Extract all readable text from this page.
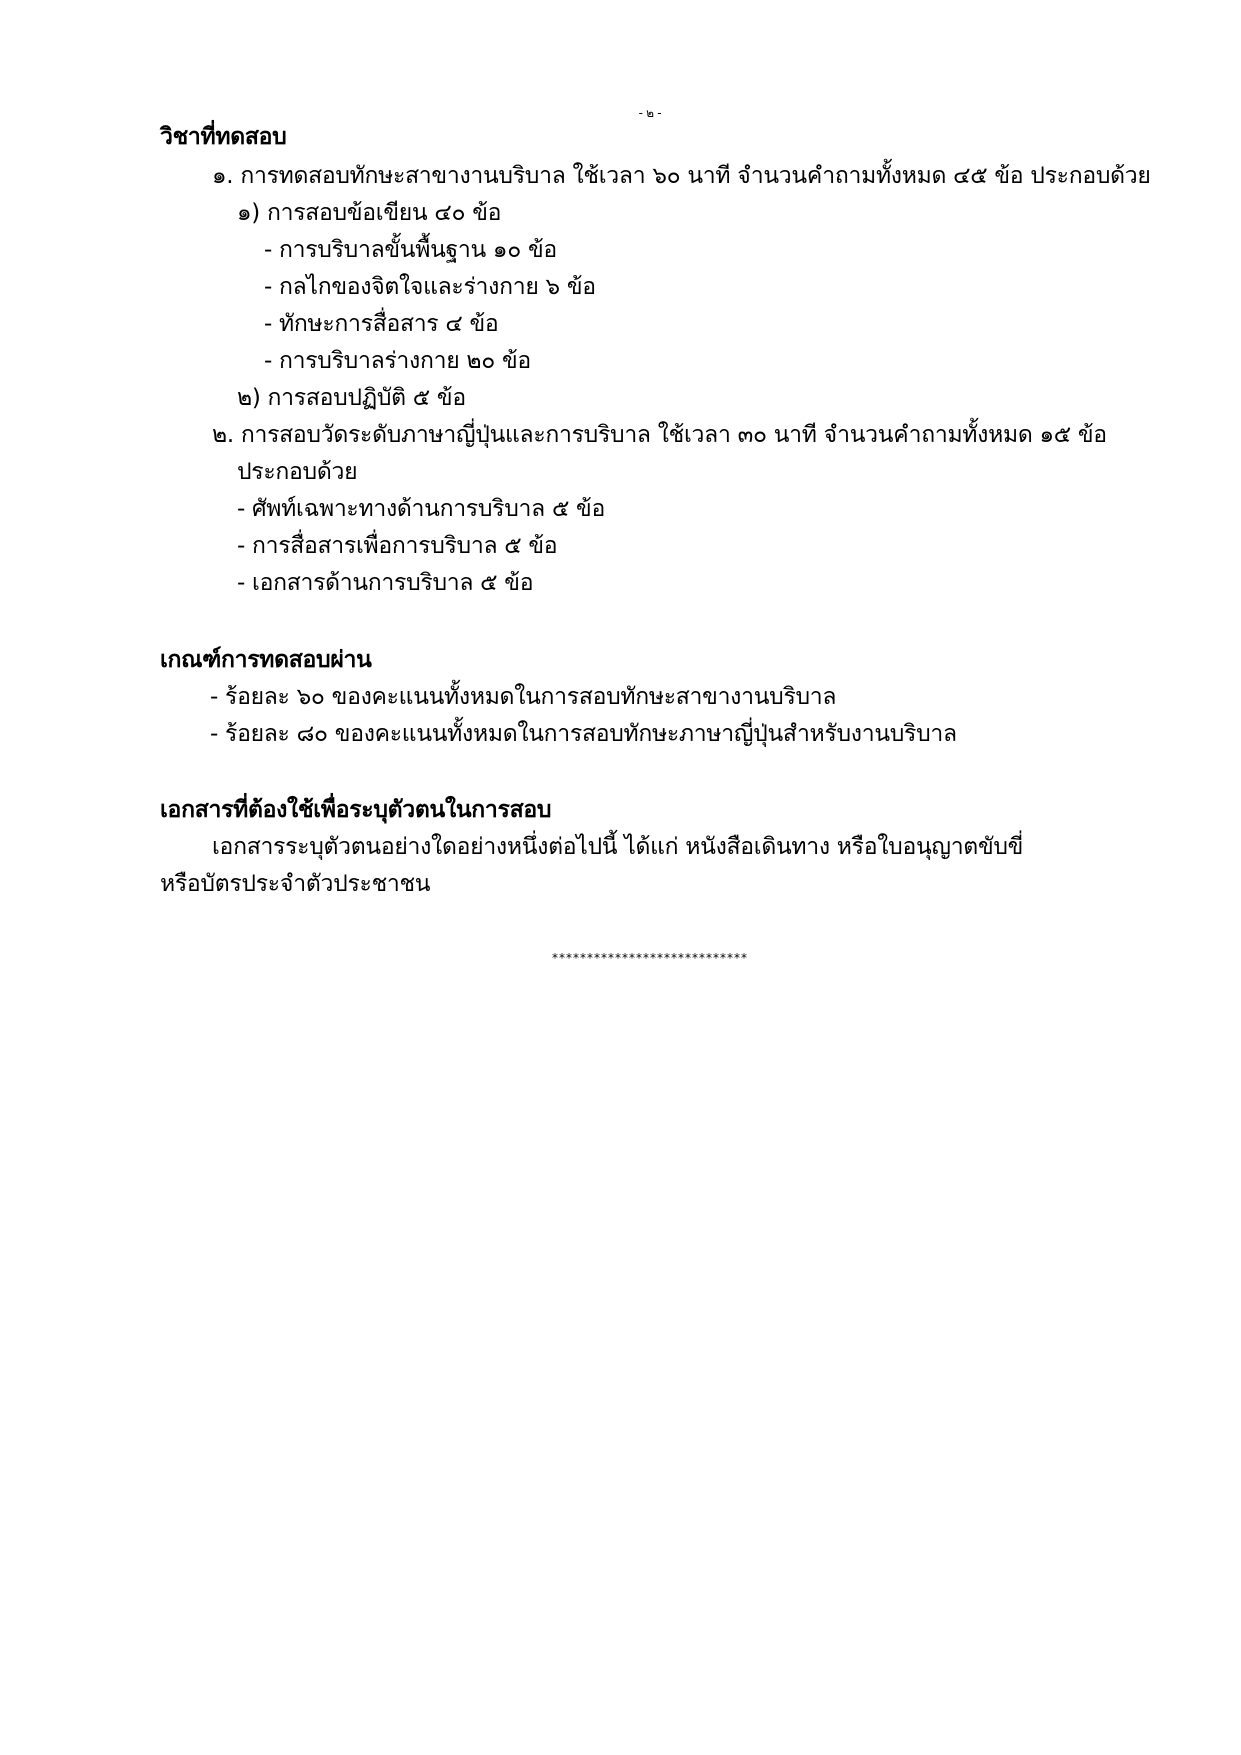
- ๒ -
วิชาที่ทดสอบ
๑. การทดสอบทักษะสาขางานบริบาล ใช้เวลา ๖๐ นาที จำนวนคำถามทั้งหมด ๔๕ ข้อ ประกอบด้วย
๑) การสอบข้อเขียน ๔๐ ข้อ
- การบริบาลขั้นพื้นฐาน ๑๐ ข้อ
- กลไกของจิตใจและร่างกาย ๖ ข้อ
- ทักษะการสื่อสาร ๔ ข้อ
- การบริบาลร่างกาย ๒๐ ข้อ
๒) การสอบปฏิบัติ ๕ ข้อ
๒. การสอบวัดระดับภาษาญี่ปุ่นและการบริบาล ใช้เวลา ๓๐ นาที จำนวนคำถามทั้งหมด ๑๕ ข้อ
ประกอบด้วย
- ศัพท์เฉพาะทางด้านการบริบาล ๕ ข้อ
- การสื่อสารเพื่อการบริบาล ๕ ข้อ
- เอกสารด้านการบริบาล ๕ ข้อ
เกณฑ์การทดสอบผ่าน
- ร้อยละ ๖๐ ของคะแนนทั้งหมดในการสอบทักษะสาขางานบริบาล
- ร้อยละ ๘๐ ของคะแนนทั้งหมดในการสอบทักษะภาษาญี่ปุ่นสำหรับงานบริบาล
เอกสารที่ต้องใช้เพื่อระบุตัวตนในการสอบ
เอกสารระบุตัวตนอย่างใดอย่างหนึ่งต่อไปนี้ ได้แก่ หนังสือเดินทาง หรือใบอนุญาตขับขี่
หรือบัตรประจำตัวประชาชน
****************************
